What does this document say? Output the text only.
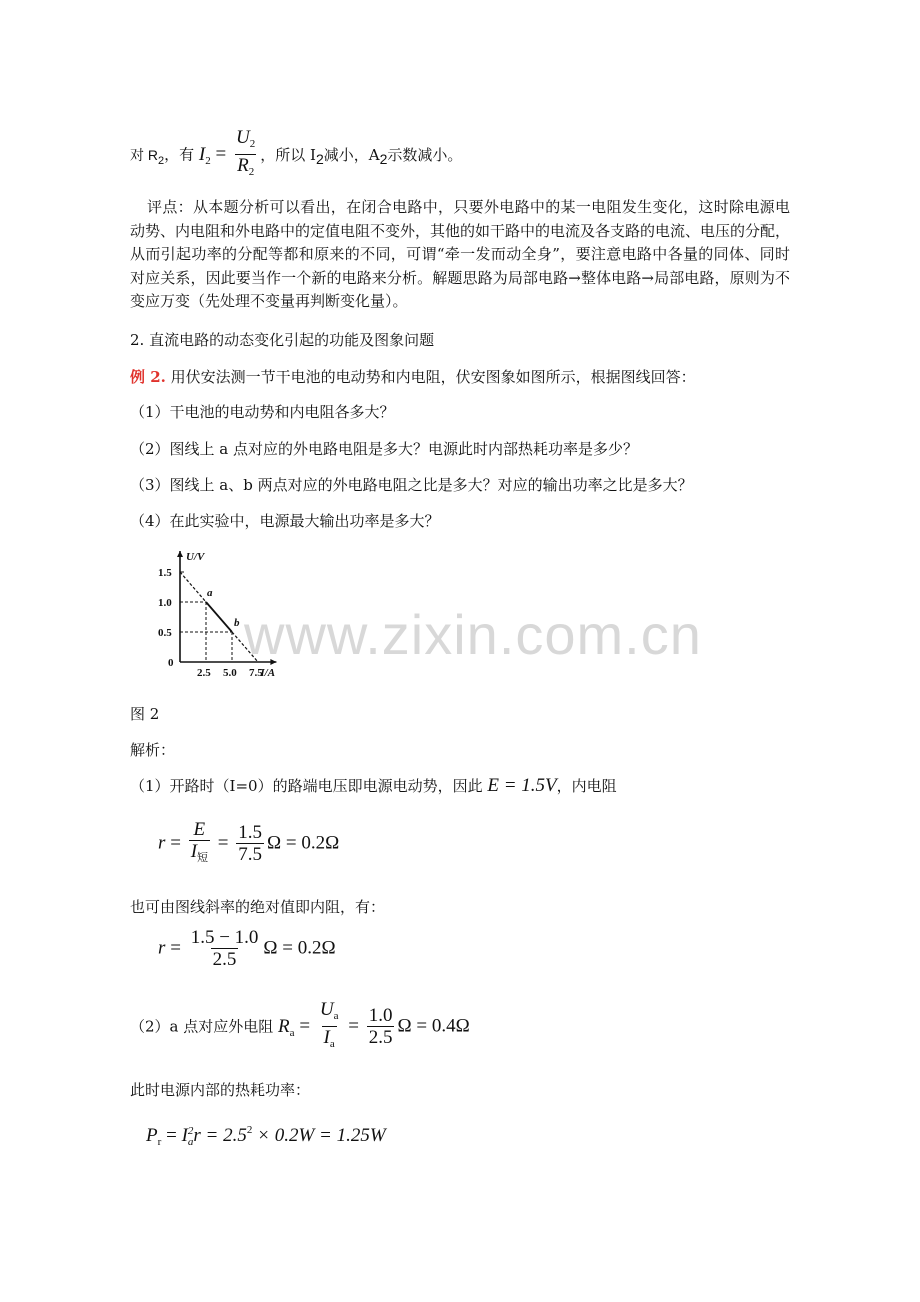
对 $R_2$，有 $I_2 = \frac{U_2}{R_2}$ ，所以 I2减小，A2示数减小。
评点：从本题分析可以看出，在闭合电路中，只要外电路中的某一电阻发生变化，这时除电源电动势、内电阻和外电路中的定值电阻不变外，其他的如干路中的电流及各支路的电流、电压的分配，从而引起功率的分配等都和原来的不同，可谓“牵一发而动全身”，要注意电路中各量的同体、同时对应关系，因此要当作一个新的电路来分析。解题思路为局部电路→整体电路→局部电路，原则为不变应万变（先处理不变量再判断变化量）。
2. 直流电路的动态变化引起的功能及图象问题
例 2. 用伏安法测一节干电池的电动势和内电阻，伏安图象如图所示，根据图线回答：
（1）干电池的电动势和内电阻各多大？
（2）图线上 a 点对应的外电路电阻是多大？电源此时内部热耗功率是多少？
（3）图线上 a、b 两点对应的外电路电阻之比是多大？对应的输出功率之比是多大？
（4）在此实验中，电源最大输出功率是多大？
U/V
I/A
0
1.5
1.0
0.5
2.5 5.0 7.5
a
b www.zixin.com.cn
图 2
解析：
（1）开路时（I=0）的路端电压即电源电动势，因此 E = 1.5V，内电阻
$r = \frac{E}{I_短} = \frac{1.5}{7.5}$ Ω = 0.2Ω
也可由图线斜率的绝对值即内阻，有：
$r = \frac{1.5 - 1.0}{2.5}$ Ω = 0.2Ω
（2）a 点对应外电阻 $R_a = \frac{U_a}{I_a} = \frac{1.0}{2.5}$ Ω = 0.4Ω
此时电源内部的热耗功率：
$P_r = I$ 2
a $r = 2.5^2 \times 0.2W = 1.25W$
